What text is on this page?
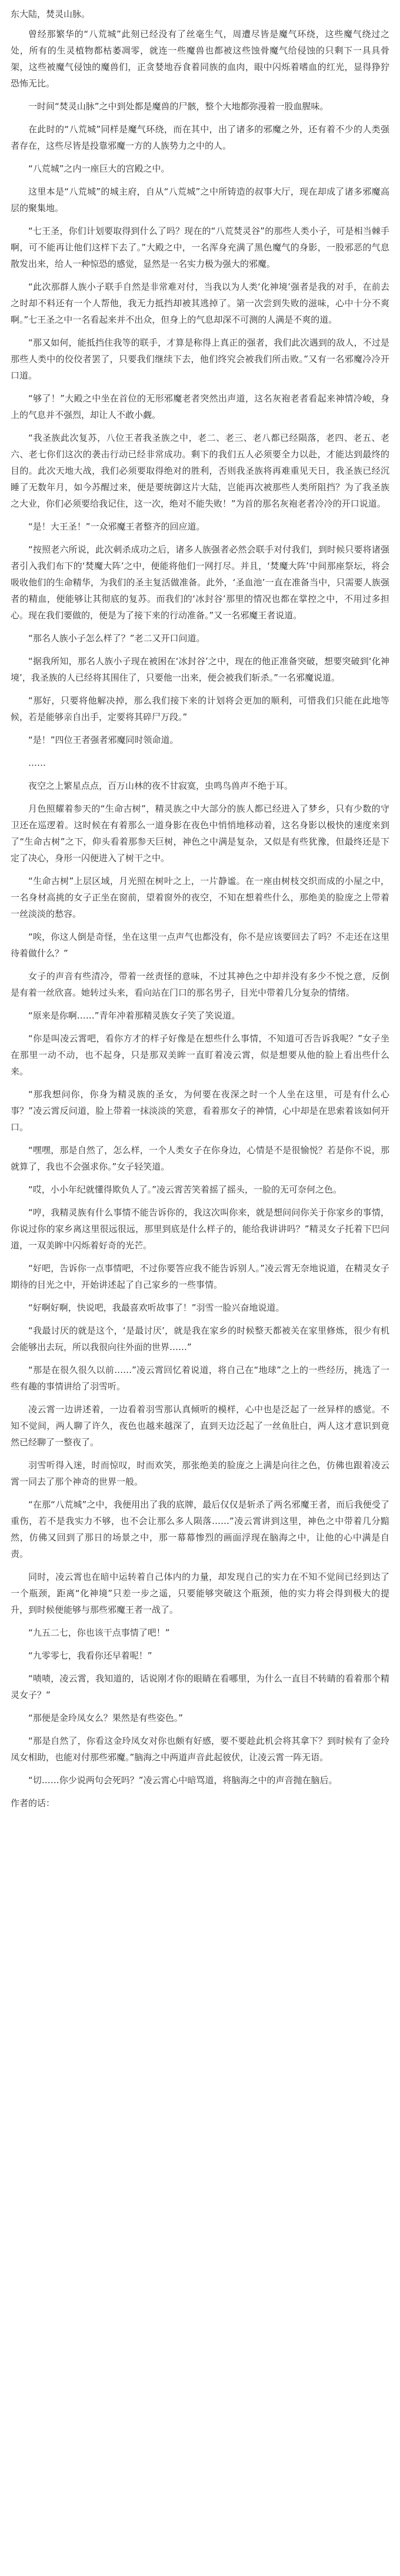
东大陆，焚灵山脉。

曾经那繁华的“八荒城”此刻已经没有了丝毫生气，周遭尽皆是魔气环绕，这些魔气绕过之处，所有的生灵植物都枯萎凋零，就连一些魔兽也都被这些蚀骨魔气给侵蚀的只剩下一具具骨架，这些被魔气侵蚀的魔兽们，正贪婪地吞食着同族的血肉，眼中闪烁着嗜血的红光，显得狰狞恐怖无比。

一时间“焚灵山脉”之中到处都是魔兽的尸骸，整个大地都弥漫着一股血腥味。

在此时的“八荒城”同样是魔气环绕，而在其中，出了诸多的邪魔之外，还有着不少的人类强者存在，这些尽皆是投靠邪魔一方的人族势力之中的人。

“八荒城”之内一座巨大的宫殿之中。

这里本是“八荒城”的城主府，自从“八荒城”之中所铸造的叔事大厅，现在却成了诸多邪魔高层的聚集地。

“七王圣，你们计划要取得到什么了吗？现在的“八荒焚灵谷”的那些人类小子，可是相当棘手啊，可不能再让他们这样下去了。”大殿之中，一名浑身充满了黑色魔气的身影，一股邪恶的气息散发出来，给人一种惊恐的感觉，显然是一名实力极为强大的邪魔。

“此次那群人族小子联手自然是非常难对付，当我以为人类‘化神境’强者是我的对手，在前去之时却不料还有一个人帮他，我无力抵挡却被其逃掉了。第一次尝到失败的滋味，心中十分不爽啊。”七王圣之中一名看起来并不出众，但身上的气息却深不可测的人满是不爽的道。

“那又如何，能抵挡住我等的联手，才算是称得上真正的强者，我们此次遇到的敌人，不过是那些人类中的佼佼者罢了，只要我们继续下去，他们终究会被我们所击败。”又有一名邪魔冷冷开口道。

“够了！”大殿之中坐在首位的无形邪魔老者突然出声道，这名灰袍老者看起来神情冷峻，身上的气息并不强烈，却让人不敢小觑。

“我圣族此次复苏，八位王者我圣族之中，老二、老三、老八都已经陨落，老四、老五、老六、老七你们这次的袭击行动已经非常成功。剩下的我们五人必须要全力以赴，才能达到最终的目的。此次天地大战，我们必须要取得绝对的胜利，否则我圣族将再难重见天日，我圣族已经沉睡了无数年月，如今苏醒过来，便是要统御这片大陆，岂能再次被那些人类所阻挡？为了我圣族之大业，你们必须要给我记住，这一次，绝对不能失败！”为首的那名灰袍老者冷冷的开口说道。

“是！大王圣！”一众邪魔王者整齐的回应道。

“按照老六所说，此次刺杀成功之后，诸多人族强者必然会联手对付我们，到时候只要将诸强者引入我们布下的‘焚魔大阵’之中，便能将他们一网打尽。并且，‘焚魔大阵’中间那座祭坛，将会吸收他们的生命精华，为我们的圣主复活做准备。此外，‘圣血池’一直在准备当中，只需要人族强者的精血，便能够让其彻底的复苏。而我们的‘冰封谷’那里的情况也都在掌控之中，不用过多担心。现在我们要做的，便是为了接下来的行动准备。”又一名邪魔王者说道。

“那名人族小子怎么样了？”老二又开口问道。

“据我所知，那名人族小子现在被困在‘冰封谷’之中，现在的他正准备突破，想要突破到‘化神境’，我圣族的人已经将其围住了，只要他一出来，便会被我们斩杀。”一名邪魔说道。

“那好，只要将他解决掉，那么我们接下来的计划将会更加的顺利，可惜我们只能在此地等候，若是能够亲自出手，定要将其碎尸万段。”

“是！”四位王者强者邪魔同时领命道。

……

夜空之上繁星点点，百万山林的夜不甘寂寞，虫鸣鸟兽声不绝于耳。

月色照耀着参天的“生命古树”，精灵族之中大部分的族人都已经进入了梦乡，只有少数的守卫还在巡逻着。这时候在有着那么一道身影在夜色中悄悄地移动着，这名身影以极快的速度来到了“生命古树”之下，仰头看着那参天巨树，神色之中满是复杂，又似是有些犹豫，但最终还是下定了决心，身形一闪便进入了树干之中。

“生命古树”上层区域，月光照在树叶之上，一片静谧。在一座由树枝交织而成的小屋之中，一名身材高挑的女子正坐在窗前，望着窗外的夜空，不知在想着些什么，那绝美的脸庞之上带着一丝淡淡的愁容。

“唉，你这人倒是奇怪，坐在这里一点声气也都没有，你不是应该要回去了吗？不走还在这里待着做什么？”

女子的声音有些清冷，带着一丝责怪的意味，不过其神色之中却并没有多少不悦之意，反倒是有着一丝欣喜。她转过头来，看向站在门口的那名男子，目光中带着几分复杂的情绪。

“原来是你啊……”青年冲着那精灵族女子笑了笑说道。

“你是叫凌云霄吧，看你方才的样子好像是在想些什么事情，不知道可否告诉我呢？”女子坐在那里一动不动，也不起身，只是那双美眸一直盯着凌云霄，似是想要从他的脸上看出些什么来。

“那我想问你，你身为精灵族的圣女，为何要在夜深之时一个人坐在这里，可是有什么心事？”凌云霄反问道，脸上带着一抹淡淡的笑意，看着那女子的神情，心中却是在思索着该如何开口。

“嘿嘿，那是自然了，怎么样，一个人类女子在你身边，心情是不是很愉悦？若是你不说，那就算了，我也不会强求你。”女子轻笑道。

“哎，小小年纪就懂得欺负人了。”凌云霄苦笑着摇了摇头，一脸的无可奈何之色。

“哼，我精灵族有什么事情不能告诉你的，我这次叫你来，就是想问问你关于你家乡的事情，你说过你的家乡离这里很远很远，那里到底是什么样子的，能给我讲讲吗？”精灵女子托着下巴问道，一双美眸中闪烁着好奇的光芒。

“好吧，告诉你一点事情吧，不过你要答应我不能告诉别人。”凌云霄无奈地说道，在精灵女子期待的目光之中，开始讲述起了自己家乡的一些事情。

“好啊好啊，快说吧，我最喜欢听故事了！”羽雪一脸兴奋地说道。

“我最讨厌的就是这个，‘是最讨厌’，就是我在家乡的时候整天都被关在家里修炼，很少有机会能够出去玩，所以我很向往外面的世界……”

“那是在很久很久以前……”凌云霄回忆着说道，将自己在“地球”之上的一些经历，挑选了一些有趣的事情讲给了羽雪听。

凌云霄一边讲述着，一边看着羽雪那认真倾听的模样，心中也是泛起了一丝异样的感觉。不知不觉间，两人聊了许久，夜色也越来越深了，直到天边泛起了一丝鱼肚白，两人这才意识到竟然已经聊了一整夜了。

羽雪听得入迷，时而惊叹，时而欢笑，那张绝美的脸庞之上满是向往之色，仿佛也跟着凌云霄一同去了那个神奇的世界一般。

“在那“八荒城”之中，我便用出了我的底牌，最后仅仅是斩杀了两名邪魔王者，而后我便受了重伤，若不是我实力不够，也不会让那么多人陨落……”凌云霄讲到这里，神色之中带着几分黯然，仿佛又回到了那日的场景之中，那一幕幕惨烈的画面浮现在脑海之中，让他的心中满是自责。

同时，凌云霄也在暗中运转着自己体内的力量，却发现自己的实力在不知不觉间已经到达了一个瓶颈，距离“化神境”只差一步之遥，只要能够突破这个瓶颈，他的实力将会得到极大的提升，到时候便能够与那些邪魔王者一战了。

“九五二七，你也该干点事情了吧！”

“九零零七，我看你还早着呢！”

“啧啧，凌云霄，我知道的，话说刚才你的眼睛在看哪里，为什么一直目不转睛的看着那个精灵女子？”

“那便是金玲凤女么？果然是有些姿色。”

“那是自然了，你看这金玲凤女对你也颇有好感，要不要趁此机会将其拿下？到时候有了金玲凤女相助，也能对付那些邪魔。”脑海之中两道声音此起彼伏，让凌云霄一阵无语。

“切……你少说两句会死吗？”凌云霄心中暗骂道，将脑海之中的声音抛在脑后。

作者的话：
